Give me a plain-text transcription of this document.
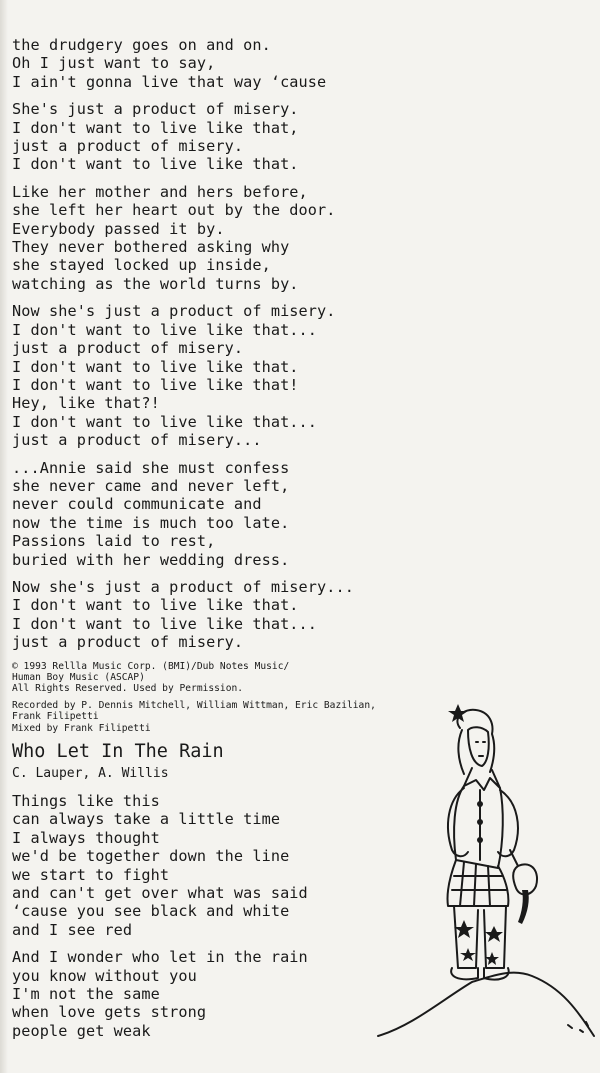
the drudgery goes on and on.
Oh I just want to say,
I ain't gonna live that way ‘cause
She's just a product of misery.
I don't want to live like that,
just a product of misery.
I don't want to live like that.
Like her mother and hers before,
she left her heart out by the door.
Everybody passed it by.
They never bothered asking why
she stayed locked up inside,
watching as the world turns by.
Now she's just a product of misery.
I don't want to live like that...
just a product of misery.
I don't want to live like that.
I don't want to live like that!
Hey, like that?!
I don't want to live like that...
just a product of misery...
...Annie said she must confess
she never came and never left,
never could communicate and
now the time is much too late.
Passions laid to rest,
buried with her wedding dress.
Now she's just a product of misery...
I don't want to live like that.
I don't want to live like that...
just a product of misery.
© 1993 Rellla Music Corp. (BMI)/Dub Notes Music/
Human Boy Music (ASCAP)
All Rights Reserved. Used by Permission.
Recorded by P. Dennis Mitchell, William Wittman, Eric Bazilian,
Frank Filipetti
Mixed by Frank Filipetti
Who Let In The Rain
C. Lauper, A. Willis
Things like this
can always take a little time
I always thought
we'd be together down the line
we start to fight
and can't get over what was said
‘cause you see black and white
and I see red
And I wonder who let in the rain
you know without you
I'm not the same
when love gets strong
people get weak
